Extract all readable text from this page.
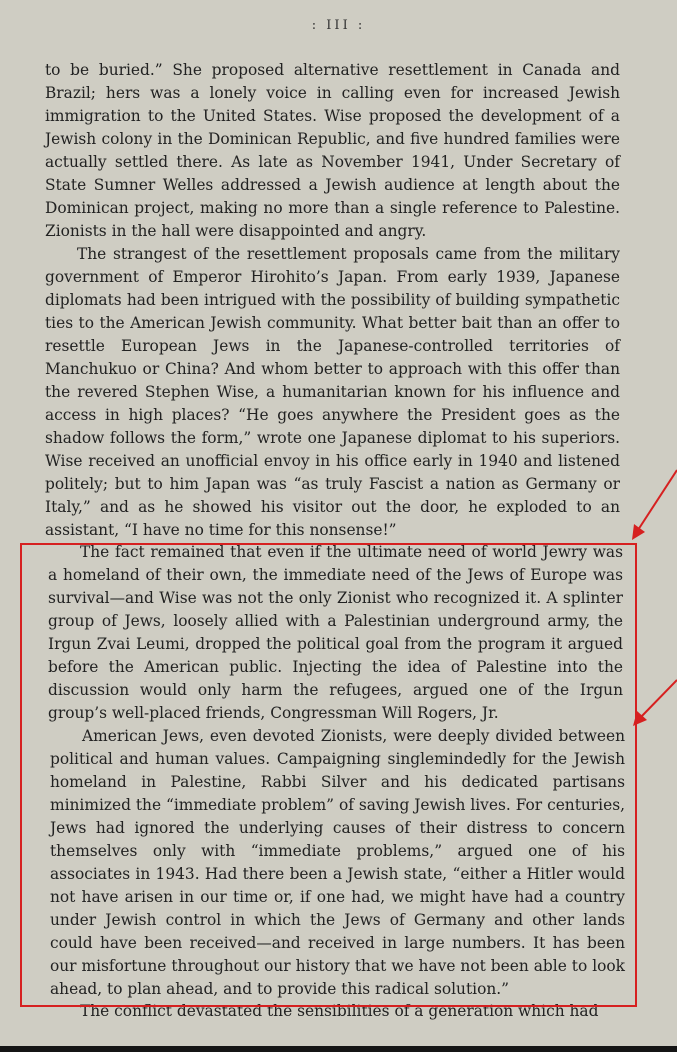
: III :

to be buried.” She proposed alternative resettlement in Canada and Brazil; hers was a lonely voice in calling even for increased Jewish immigration to the United States. Wise proposed the development of a Jewish colony in the Dominican Republic, and five hundred families were actually settled there. As late as November 1941, Under Secretary of State Sumner Welles addressed a Jewish audience at length about the Dominican project, making no more than a single reference to Palestine. Zionists in the hall were disappointed and angry.

The strangest of the resettlement proposals came from the military government of Emperor Hirohito’s Japan. From early 1939, Japanese diplomats had been intrigued with the possibility of building sympathetic ties to the American Jewish community. What better bait than an offer to resettle European Jews in the Japanese-controlled territories of Manchukuo or China? And whom better to approach with this offer than the revered Stephen Wise, a humanitarian known for his influence and access in high places? “He goes anywhere the President goes as the shadow follows the form,” wrote one Japanese diplomat to his superiors. Wise received an unofficial envoy in his office early in 1940 and listened politely; but to him Japan was “as truly Fascist a nation as Germany or Italy,” and as he showed his visitor out the door, he exploded to an assistant, “I have no time for this nonsense!”

The fact remained that even if the ultimate need of world Jewry was a homeland of their own, the immediate need of the Jews of Europe was survival—and Wise was not the only Zionist who recognized it. A splinter group of Jews, loosely allied with a Palestinian underground army, the Irgun Zvai Leumi, dropped the political goal from the program it argued before the American public. Injecting the idea of Palestine into the discussion would only harm the refugees, argued one of the Irgun group’s well-placed friends, Congressman Will Rogers, Jr.

American Jews, even devoted Zionists, were deeply divided between political and human values. Campaigning singlemindedly for the Jewish homeland in Palestine, Rabbi Silver and his dedicated partisans minimized the “immediate problem” of saving Jewish lives. For centuries, Jews had ignored the underlying causes of their distress to concern themselves only with “immediate problems,” argued one of his associates in 1943. Had there been a Jewish state, “either a Hitler would not have arisen in our time or, if one had, we might have had a country under Jewish control in which the Jews of Germany and other lands could have been received—and received in large numbers. It has been our misfortune throughout our history that we have not been able to look ahead, to plan ahead, and to provide this radical solution.”

The conflict devastated the sensibilities of a generation which had
